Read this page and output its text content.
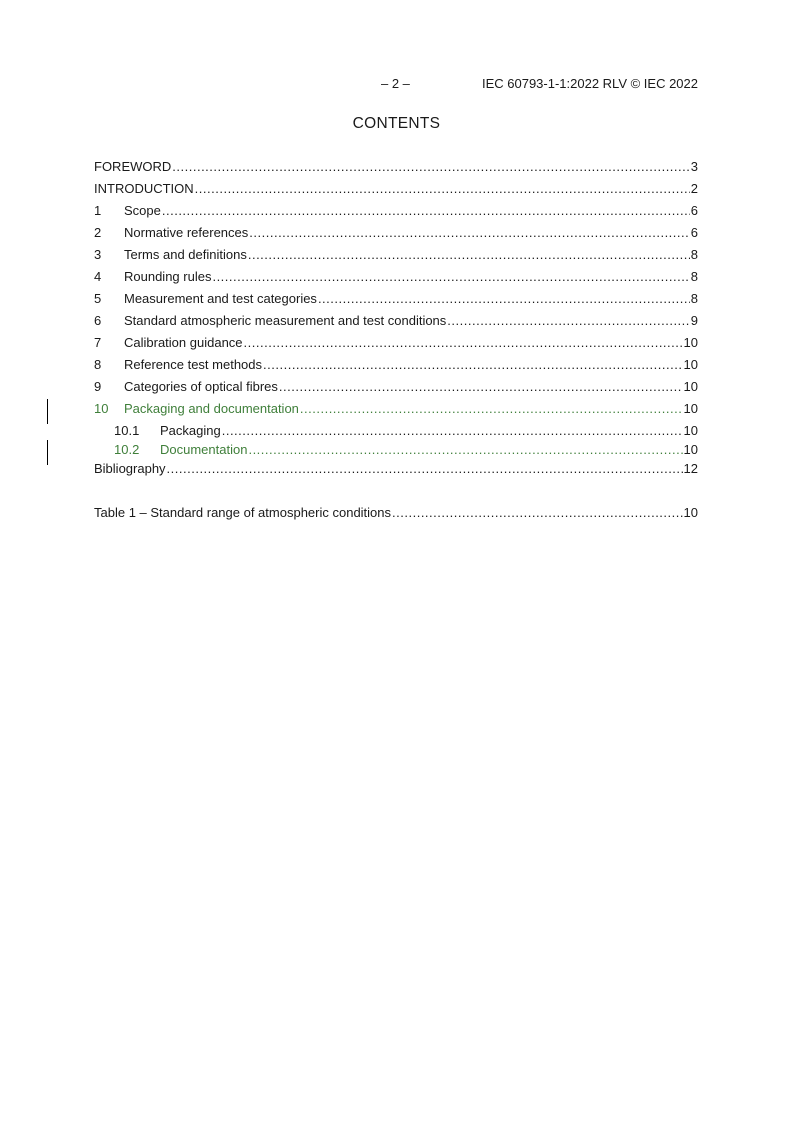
– 2 –	IEC 60793-1-1:2022 RLV © IEC 2022
CONTENTS
FOREWORD .....	3
INTRODUCTION .....	2
1	Scope .....	6
2	Normative references .....	6
3	Terms and definitions .....	8
4	Rounding rules .....	8
5	Measurement and test categories .....	8
6	Standard atmospheric measurement and test conditions .....	9
7	Calibration guidance .....	10
8	Reference test methods .....	10
9	Categories of optical fibres .....	10
10	Packaging and documentation .....	10
10.1	Packaging .....	10
10.2	Documentation .....	10
Bibliography .....	12
Table 1 – Standard range of atmospheric conditions .....	10
